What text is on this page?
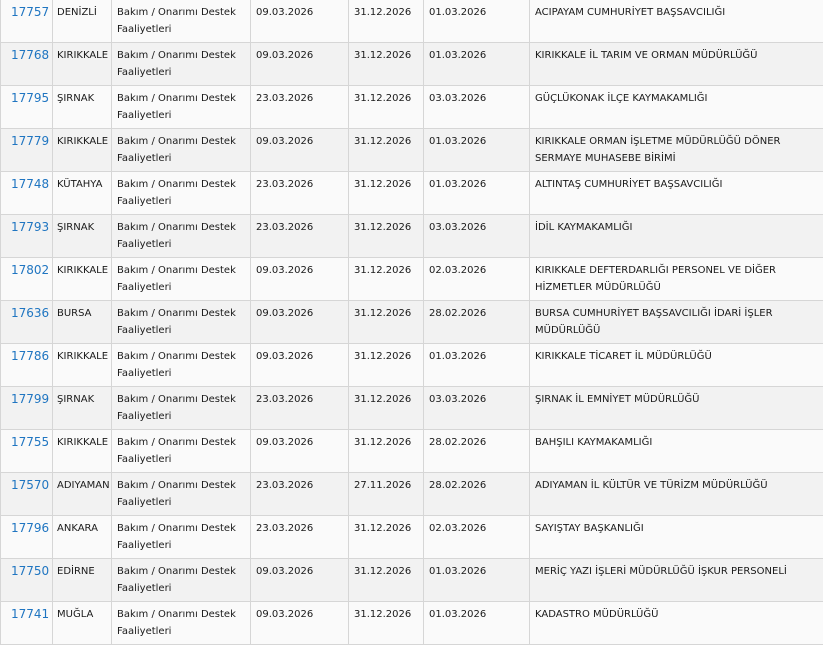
17757	DENİZLİ	Bakım / Onarımı Destek Faaliyetleri	09.03.2026	31.12.2026	01.03.2026	ACIPAYAM CUMHURİYET BAŞSAVCILIĞI
17768	KIRIKKALE	Bakım / Onarımı Destek Faaliyetleri	09.03.2026	31.12.2026	01.03.2026	KIRIKKALE İL TARIM VE ORMAN MÜDÜRLÜĞÜ
17795	ŞIRNAK	Bakım / Onarımı Destek Faaliyetleri	23.03.2026	31.12.2026	03.03.2026	GÜÇLÜKONAK İLÇE KAYMAKAMLIĞI
17779	KIRIKKALE	Bakım / Onarımı Destek Faaliyetleri	09.03.2026	31.12.2026	01.03.2026	KIRIKKALE ORMAN İŞLETME MÜDÜRLÜĞÜ DÖNER SERMAYE MUHASEBE BİRİMİ
17748	KÜTAHYA	Bakım / Onarımı Destek Faaliyetleri	23.03.2026	31.12.2026	01.03.2026	ALTINTAŞ CUMHURİYET BAŞSAVCILIĞI
17793	ŞIRNAK	Bakım / Onarımı Destek Faaliyetleri	23.03.2026	31.12.2026	03.03.2026	İDİL KAYMAKAMLIĞI
17802	KIRIKKALE	Bakım / Onarımı Destek Faaliyetleri	09.03.2026	31.12.2026	02.03.2026	KIRIKKALE DEFTERDARLIĞI PERSONEL VE DİĞER HİZMETLER MÜDÜRLÜĞÜ
17636	BURSA	Bakım / Onarımı Destek Faaliyetleri	09.03.2026	31.12.2026	28.02.2026	BURSA CUMHURİYET BAŞSAVCILIĞI İDARİ İŞLER MÜDÜRLÜĞÜ
17786	KIRIKKALE	Bakım / Onarımı Destek Faaliyetleri	09.03.2026	31.12.2026	01.03.2026	KIRIKKALE TİCARET İL MÜDÜRLÜĞÜ
17799	ŞIRNAK	Bakım / Onarımı Destek Faaliyetleri	23.03.2026	31.12.2026	03.03.2026	ŞIRNAK İL EMNİYET MÜDÜRLÜĞÜ
17755	KIRIKKALE	Bakım / Onarımı Destek Faaliyetleri	09.03.2026	31.12.2026	28.02.2026	BAHŞILI KAYMAKAMLIĞI
17570	ADIYAMAN	Bakım / Onarımı Destek Faaliyetleri	23.03.2026	27.11.2026	28.02.2026	ADIYAMAN İL KÜLTÜR VE TÜRİZM MÜDÜRLÜĞÜ
17796	ANKARA	Bakım / Onarımı Destek Faaliyetleri	23.03.2026	31.12.2026	02.03.2026	SAYIŞTAY BAŞKANLIĞI
17750	EDİRNE	Bakım / Onarımı Destek Faaliyetleri	09.03.2026	31.12.2026	01.03.2026	MERİÇ YAZI İŞLERİ MÜDÜRLÜĞÜ İŞKUR PERSONELİ
17741	MUĞLA	Bakım / Onarımı Destek Faaliyetleri	09.03.2026	31.12.2026	01.03.2026	KADASTRO MÜDÜRLÜĞÜ
